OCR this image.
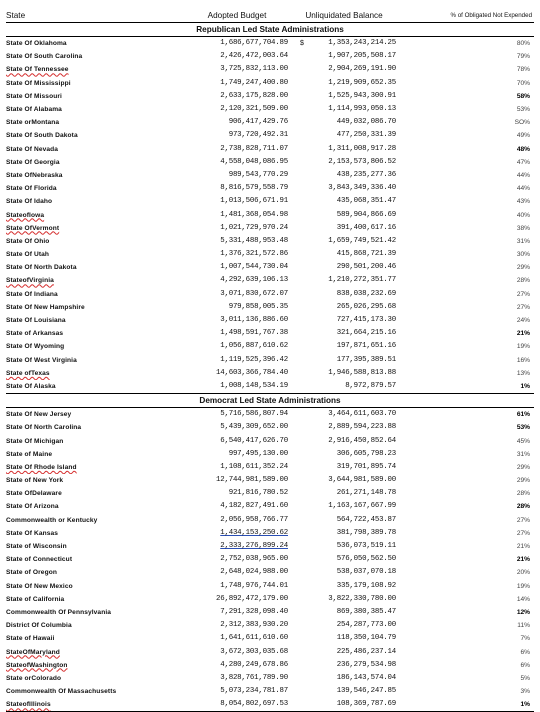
State	Adopted Budget	Unliquidated Balance		% of Obligated Not Expended
Republican Led State Administrations				
State Of Oklahoma	1,686,677,704.89	$	1,353,243,214.25	80%
State Of South Carolina	2,426,472,003.64		1,907,205,508.17	79%
State Of Tennessee	3,725,832,113.00		2,904,269,191.90	78%
State Of Mississippi	1,749,247,400.80		1,219,909,652.35	70%
State Of Missouri	2,633,175,828.00		1,525,943,300.91	58%
State Of Alabama	2,120,321,509.00		1,114,993,050.13	53%
State orMontana	906,417,429.76		449,032,086.70	SO%
State Of South Dakota	973,720,492.31		477,250,331.39	49%
State Of Nevada	2,738,828,711.07		1,311,008,917.28	48%
State Of Georgia	4,558,048,086.95		2,153,573,806.52	47%
State OfNebraska	989,543,770.29		438,235,277.36	44%
State Of Florida	8,816,579,558.79		3,843,349,336.40	44%
State Of Idaho	1,013,506,671.91		435,068,351.47	43%
StateofIowa	1,481,368,054.98		589,904,866.69	40%
State OfVermont	1,021,729,970.24		391,400,617.16	38%
State Of Ohio	5,331,488,953.48		1,659,749,521.42	31%
State Of Utah	1,376,321,572.86		415,868,721.39	30%
State Of North Dakota	1,007,544,730.04		290,501,200.46	29%
StateofVirginia	4,292,639,106.13		1,210,272,351.77	28%
State Of Indiana	3,071,830,672.07		838,038,232.69	27%
State Of New Hampshire	979,858,005.35		265,026,295.68	27%
State Of Louisiana	3,011,136,886.60		727,415,173.30	24%
State of Arkansas	1,498,591,767.38		321,664,215.16	21%
State Of Wyoming	1,056,887,610.62		197,871,651.16	19%
State Of West Virginia	1,119,525,396.42		177,395,389.51	16%
State ofTexas	14,603,366,784.40		1,946,588,813.88	13%
State Of Alaska	1,008,148,534.19		8,972,879.57	1%
Democrat Led State Administrations				
State Of New Jersey	5,716,586,807.94		3,464,611,603.70	61%
State Of North Carolina	5,439,309,652.00		2,889,594,223.88	53%
State Of Michigan	6,540,417,626.70		2,916,450,852.64	45%
State of Maine	997,495,130.00		306,605,798.23	31%
State Of Rhode Island	1,108,611,352.24		319,701,895.74	29%
State of New York	12,744,981,589.00		3,644,981,589.00	29%
State OfDelaware	921,816,780.52		261,271,148.78	28%
State Of Arizona	4,182,827,491.60		1,163,167,667.99	28%
Commonwealth or Kentucky	2,056,958,766.77		564,722,453.87	27%
State Of Kansas	1,434,153,250.62		381,798,389.78	27%
State of Wisconsin	2,333,276,899.24		536,073,519.11	21%
State of Connecticut	2,752,038,965.00		576,050,562.50	21%
State of Oregon	2,648,024,988.00		538,037,070.18	20%
State Of New Mexico	1,748,976,744.01		335,179,108.92	19%
State of California	26,892,472,179.00		3,822,330,780.00	14%
Commonwealth Of Pennsylvania	7,291,328,098.40		869,380,385.47	12%
District Of Columbia	2,312,383,930.20		254,287,773.00	11%
State of Hawaii	1,641,611,610.60		118,350,104.79	7%
StateOfMaryland	3,672,303,035.68		225,486,237.14	6%
StateofWashington	4,280,249,678.86		236,279,534.98	6%
State orColorado	3,828,761,789.90		186,143,574.04	5%
Commonwealth Of Massachusetts	5,073,234,781.87		139,546,247.85	3%
StateofIllinois	8,054,802,697.53		108,369,787.69	1%
